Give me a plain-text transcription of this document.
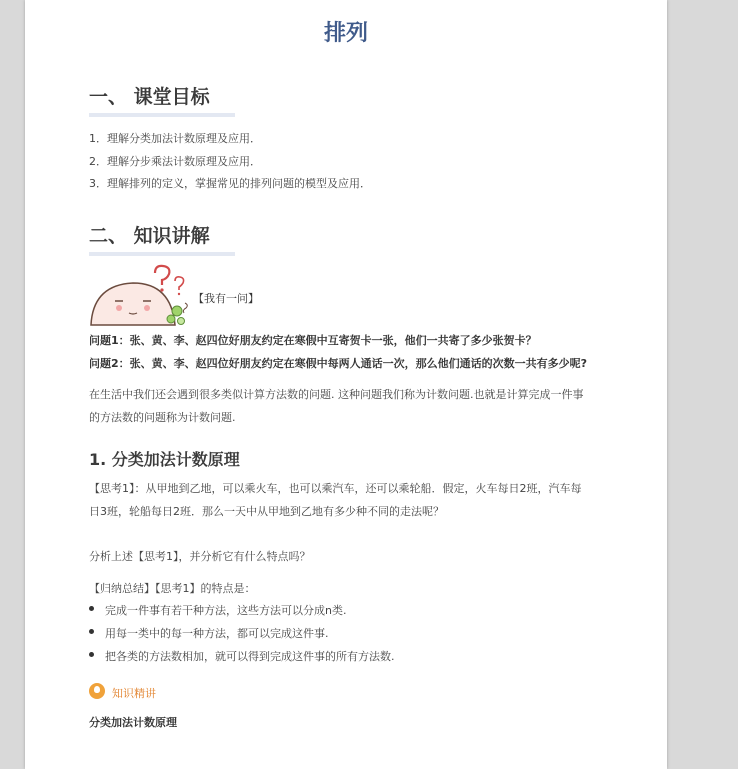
排列
一、 课堂目标
1．理解分类加法计数原理及应用．
2．理解分步乘法计数原理及应用．
3．理解排列的定义，掌握常见的排列问题的模型及应用．
二、 知识讲解
【我有一问】
问题1：张、黄、李、赵四位好朋友约定在寒假中互寄贺卡一张，他们一共寄了多少张贺卡？
问题2：张、黄、李、赵四位好朋友约定在寒假中每两人通话一次，那么他们通话的次数一共有多少呢?
在生活中我们还会遇到很多类似计算方法数的问题. 这种问题我们称为计数问题.也就是计算完成一件事
的方法数的问题称为计数问题.
1. 分类加法计数原理
【思考1】：从甲地到乙地，可以乘火车，也可以乘汽车，还可以乘轮船．假定，火车每日2班，汽车每
日3班，轮船每日2班．那么一天中从甲地到乙地有多少种不同的走法呢？
分析上述【思考1】，并分析它有什么特点吗？
【归纳总结】【思考1】的特点是：
完成一件事有若干种方法，这些方法可以分成n类.
用每一类中的每一种方法，都可以完成这件事.
把各类的方法数相加，就可以得到完成这件事的所有方法数.
知识精讲
分类加法计数原理
